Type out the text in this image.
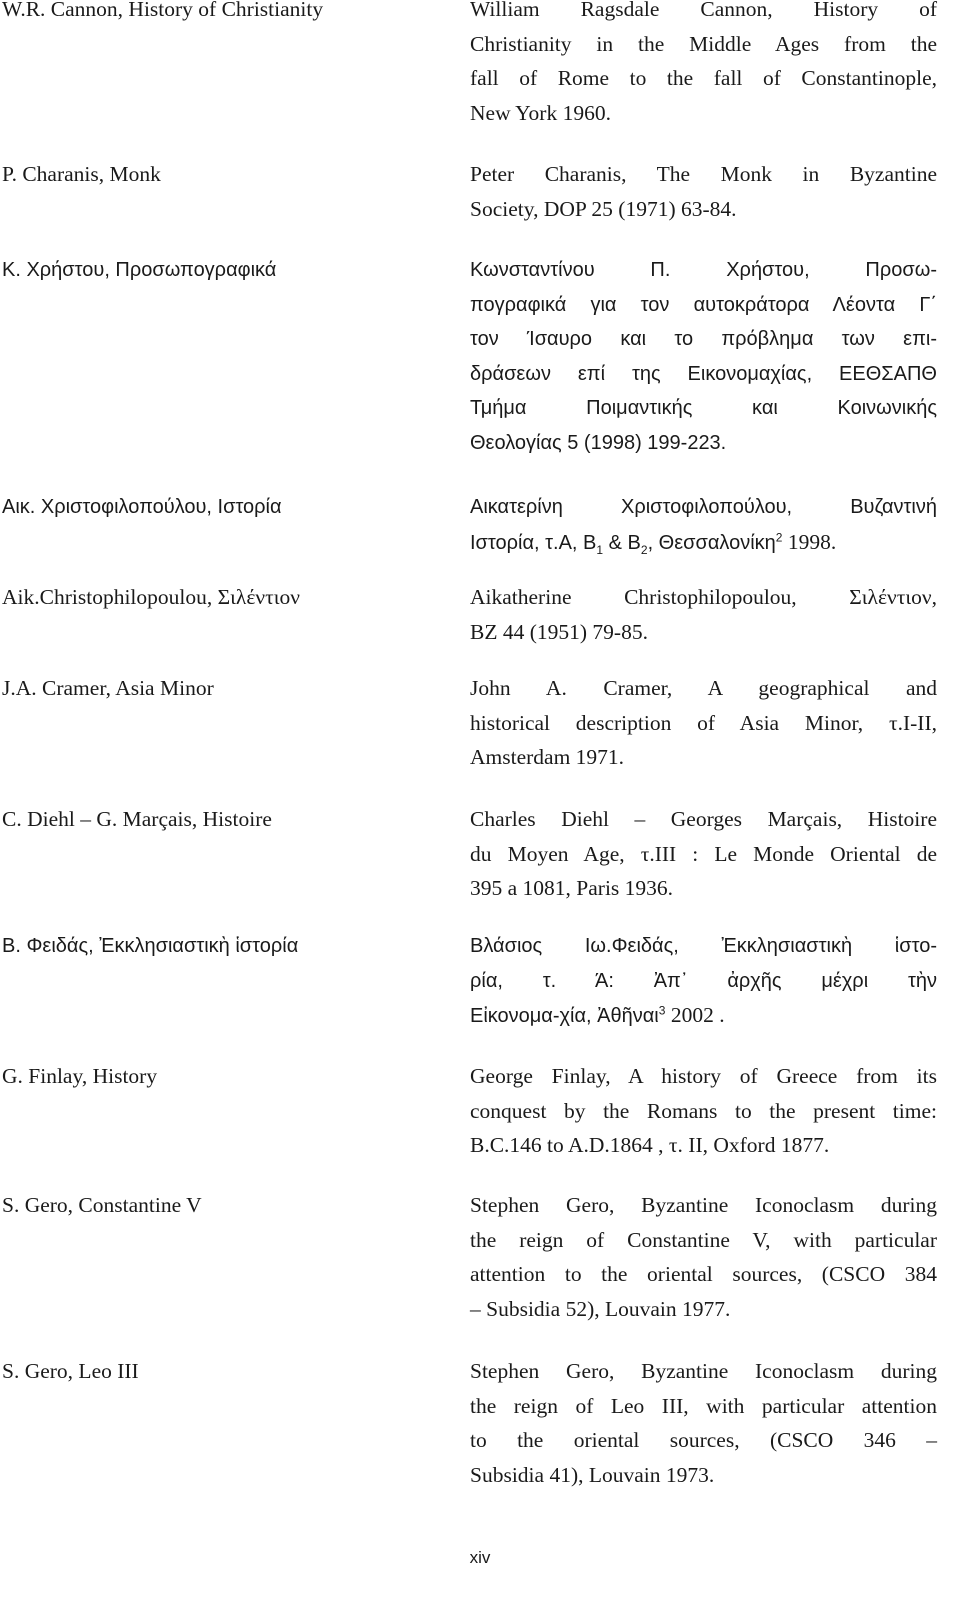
W.R. Cannon, History of Christianity	William Ragsdale Cannon, History of
Christianity in the Middle Ages from the
fall of Rome to the fall of Constantinople,
New York 1960.
P. Charanis, Monk	Peter Charanis, The Monk in Byzantine
Society, DOP 25 (1971) 63-84.
Κ. Χρήστου, Προσωπογραφικά	Κωνσταντίνου Π. Χρήστου, Προσω-
πογραφικά για τον αυτοκράτορα Λέοντα Γ΄
τον Ίσαυρο και το πρόβλημα των επι-
δράσεων επί της Εικονομαχίας, ΕΕΘΣΑΠΘ
Τμήμα Ποιμαντικής και Κοινωνικής
Θεολογίας 5 (1998) 199-223.
Αικ. Χριστοφιλοπούλου, Ιστορία	Αικατερίνη Χριστοφιλοπούλου, Βυζαντινή
Ιστορία, τ.Α, $B_1$ & $B_2$, Θεσσαλονίκη$^2$ 1998.
Aik.Christophilopoulou, Σιλέντιον	Aikatherine Christophilopoulou, Σιλέντιον,
BZ 44 (1951) 79-85.
J.A. Cramer, Asia Minor	John A. Cramer, A geographical and
historical description of Asia Minor, τ.I-II,
Amsterdam 1971.
C. Diehl – G. Marçais, Histoire	Charles Diehl – Georges Marçais, Histoire
du Moyen Age, τ.III : Le Monde Oriental de
395 a 1081, Paris 1936.
Β. Φειδάς, Ἐκκλησιαστικὴ ἱστορία	Βλάσιος Ιω.Φειδάς, Ἐκκλησιαστικὴ ἱστο-
ρία, τ. Ά: Ἀπ᾽ ἀρχῆς μέχρι τὴν
Εἰκονομα-χία, Ἀθῆναι$^3$ 2002 .
G. Finlay, History	George Finlay, A history of Greece from its
conquest by the Romans to the present time:
B.C.146 to A.D.1864 , τ. II, Oxford 1877.
S. Gero, Constantine V	Stephen Gero, Byzantine Iconoclasm during
the reign of Constantine V, with particular
attention to the oriental sources, (CSCO 384
– Subsidia 52), Louvain 1977.
S. Gero, Leo III	Stephen Gero, Byzantine Iconoclasm during
the reign of Leo III, with particular attention
to the oriental sources, (CSCO 346 –
Subsidia 41), Louvain 1973.
xiv
